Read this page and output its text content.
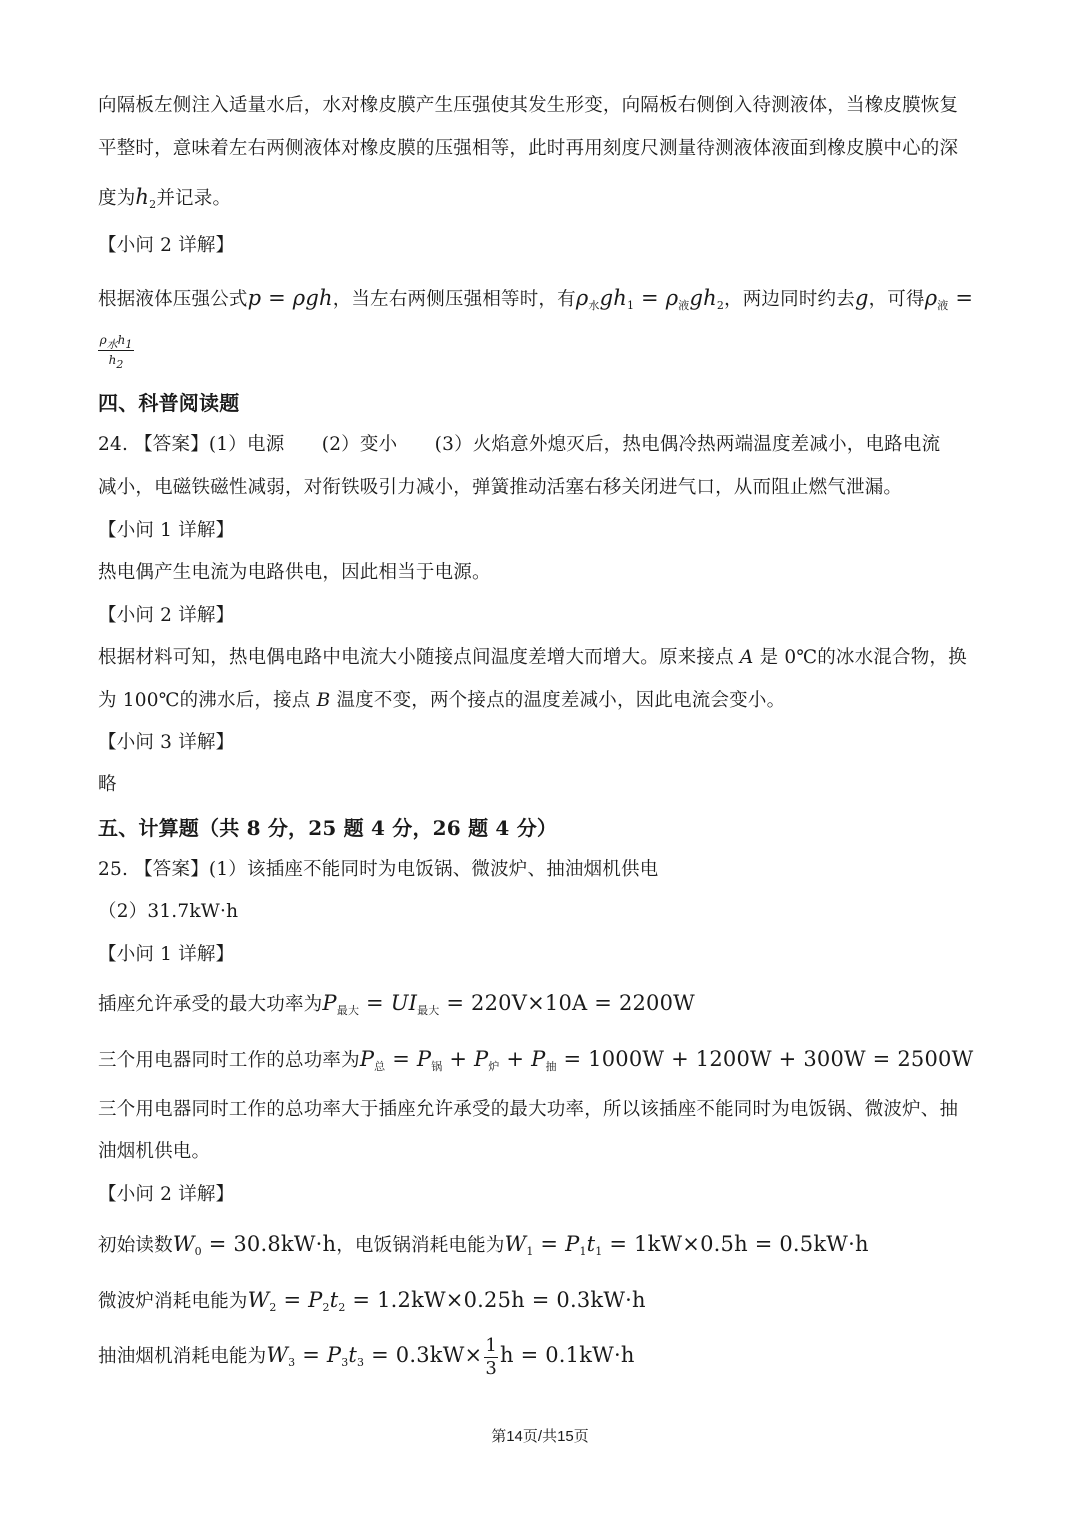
向隔板左侧注入适量水后，水对橡皮膜产生压强使其发生形变，向隔板右侧倒入待测液体，当橡皮膜恢复
平整时，意味着左右两侧液体对橡皮膜的压强相等，此时再用刻度尺测量待测液体液面到橡皮膜中心的深
度为$h_2$并记录。
【小问 2 详解】
根据液体压强公式p = ρgh，当左右两侧压强相等时，有$\rho_水gh_1 = \rho_液gh_2$，两边同时约去g，可得$\rho_液$ =
$\rho_水h_1$
$h_2$
四、科普阅读题
24. 【答案】(1）电源　　(2）变小　　(3）火焰意外熄灭后，热电偶冷热两端温度差减小，电路电流
减小，电磁铁磁性减弱，对衔铁吸引力减小，弹簧推动活塞右移关闭进气口，从而阻止燃气泄漏。
【小问 1 详解】
热电偶产生电流为电路供电，因此相当于电源。
【小问 2 详解】
根据材料可知，热电偶电路中电流大小随接点间温度差增大而增大。原来接点 A 是 0℃的冰水混合物，换
为 100℃的沸水后，接点 B 温度不变，两个接点的温度差减小，因此电流会变小。
【小问 3 详解】
略
五、计算题（共 8 分，25 题 4 分，26 题 4 分）
25. 【答案】(1）该插座不能同时为电饭锅、微波炉、抽油烟机供电
（2）31.7kW·h
【小问 1 详解】
插座允许承受的最大功率为$P_{最大} = UI_{最大} = 220V\times 10A = 2200W$
三个用电器同时工作的总功率为$P_总 = P_锅 + P_炉 + P_抽 = 1000W + 1200W + 300W = 2500W$
三个用电器同时工作的总功率大于插座允许承受的最大功率，所以该插座不能同时为电饭锅、微波炉、抽
油烟机供电。
【小问 2 详解】
初始读数$W_0 = 30.8kW\cdot h$，电饭锅消耗电能为$W_1 = P_1t_1 = 1kW\times 0.5h = 0.5kW\cdot h$
微波炉消耗电能为$W_2 = P_2t_2 = 1.2kW\times 0.25h = 0.3kW\cdot h$
抽油烟机消耗电能为$W_3 = P_3t_3 = 0.3kW\times \frac{1}{3}$ h = 0.1kW·h
第14页/共15页
